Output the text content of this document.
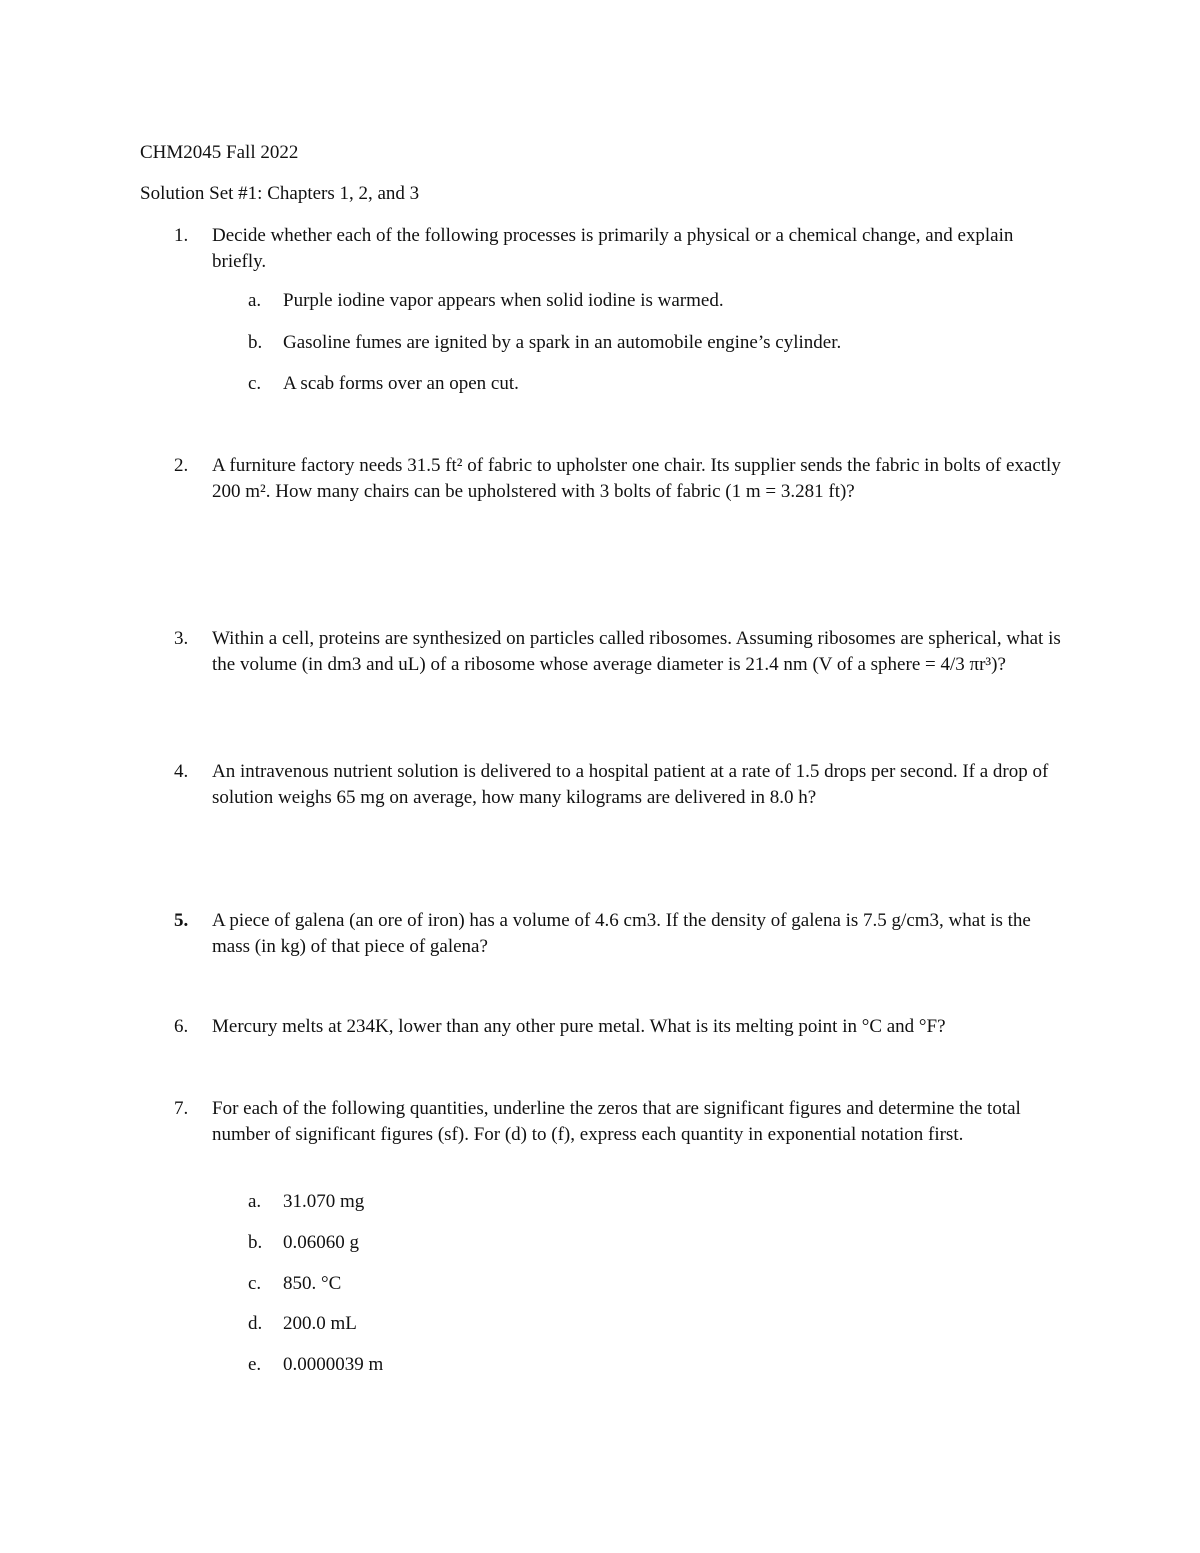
CHM2045 Fall 2022
Solution Set #1: Chapters 1, 2, and 3
1.	Decide whether each of the following processes is primarily a physical or a chemical change, and explain briefly.
a. Purple iodine vapor appears when solid iodine is warmed.
b. Gasoline fumes are ignited by a spark in an automobile engine’s cylinder.
c. A scab forms over an open cut.
2.	A furniture factory needs 31.5 ft² of fabric to upholster one chair. Its supplier sends the fabric in bolts of exactly 200 m². How many chairs can be upholstered with 3 bolts of fabric (1 m = 3.281 ft)?
3.	Within a cell, proteins are synthesized on particles called ribosomes. Assuming ribosomes are spherical, what is the volume (in dm3 and uL) of a ribosome whose average diameter is 21.4 nm (V of a sphere = 4/3 πr³)?
4.	An intravenous nutrient solution is delivered to a hospital patient at a rate of 1.5 drops per second. If a drop of solution weighs 65 mg on average, how many kilograms are delivered in 8.0 h?
5.	A piece of galena (an ore of iron) has a volume of 4.6 cm3. If the density of galena is 7.5 g/cm3, what is the mass (in kg) of that piece of galena?
6.	Mercury melts at 234K, lower than any other pure metal. What is its melting point in °C and °F?
7.	For each of the following quantities, underline the zeros that are significant figures and determine the total number of significant figures (sf). For (d) to (f), express each quantity in exponential notation first.
a. 31.070 mg
b. 0.06060 g
c. 850. °C
d. 200.0 mL
e. 0.0000039 m
